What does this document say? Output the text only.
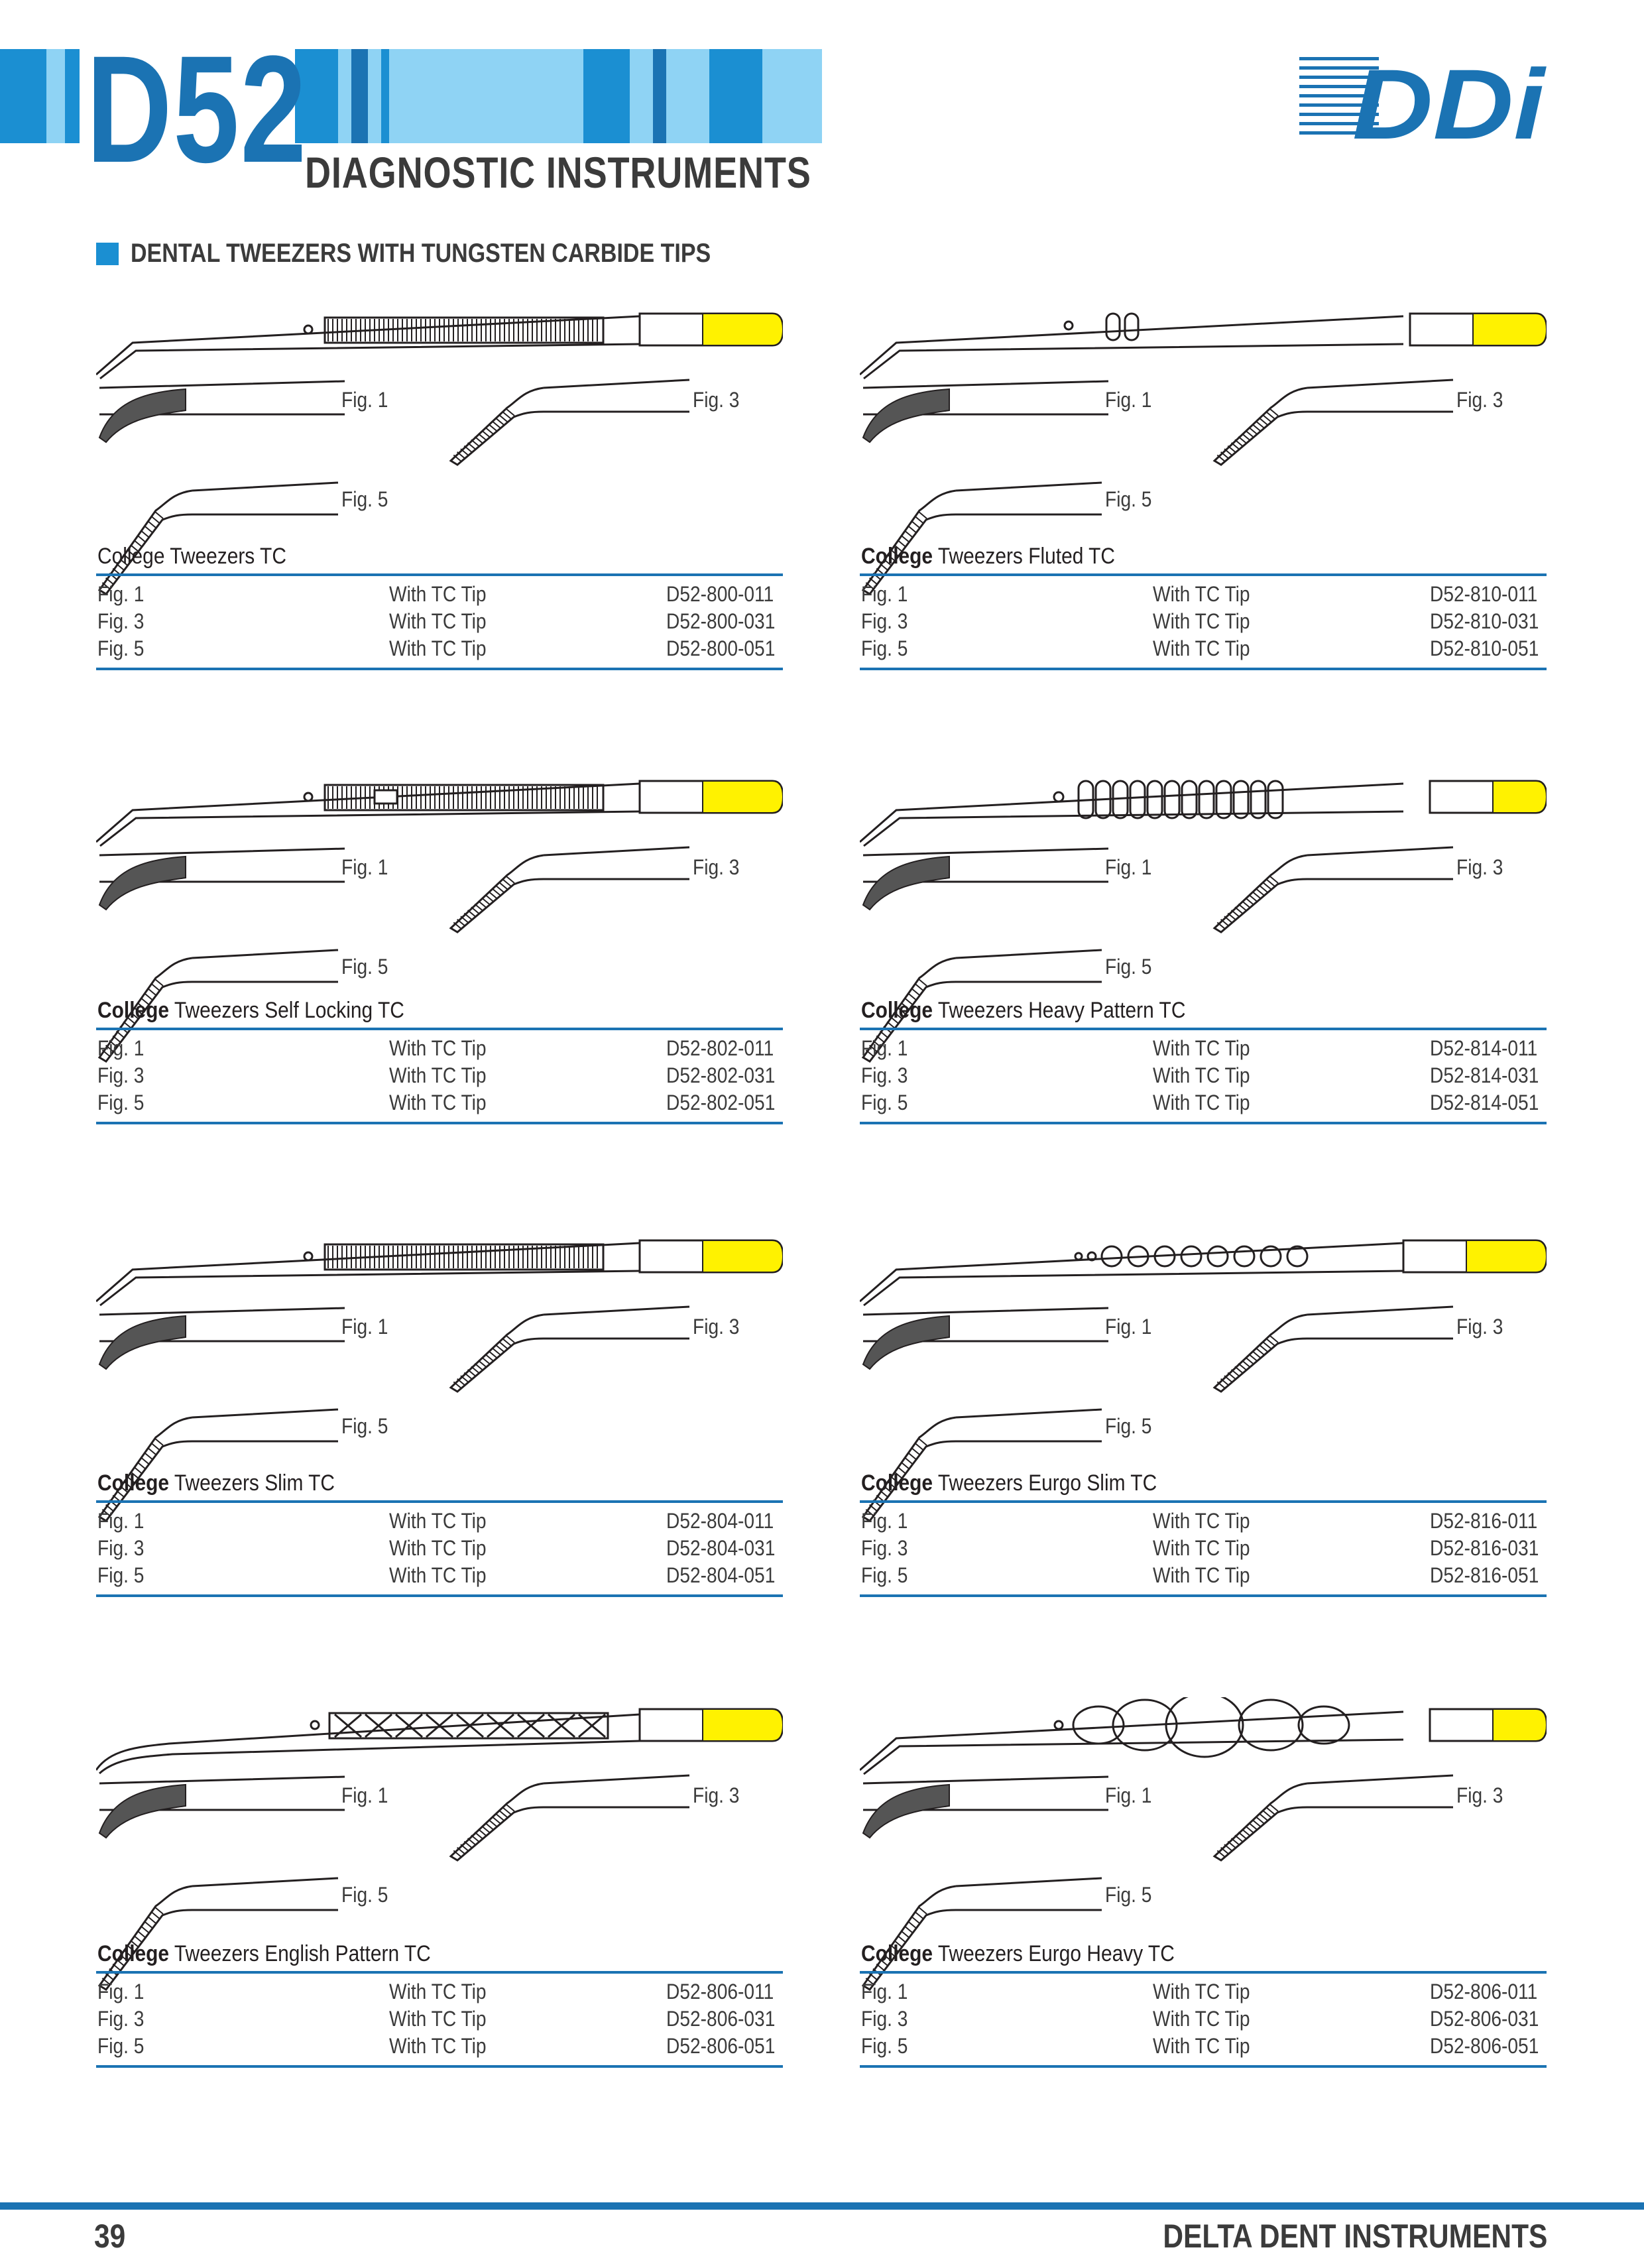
D52
DIAGNOSTIC INSTRUMENTS
DDi
DENTAL TWEEZERS WITH TUNGSTEN CARBIDE TIPS
Fig. 1	Fig. 3
Fig. 5
College Tweezers TC
Fig. 1	With TC Tip	D52-800-011
Fig. 3	With TC Tip	D52-800-031
Fig. 5	With TC Tip	D52-800-051
Fig. 1	Fig. 3
Fig. 5
College Tweezers Fluted TC
Fig. 1	With TC Tip	D52-810-011
Fig. 3	With TC Tip	D52-810-031
Fig. 5	With TC Tip	D52-810-051
Fig. 1	Fig. 3
Fig. 5
College Tweezers Self Locking TC
Fig. 1	With TC Tip	D52-802-011
Fig. 3	With TC Tip	D52-802-031
Fig. 5	With TC Tip	D52-802-051
Fig. 1	Fig. 3
Fig. 5
College Tweezers Heavy Pattern TC
Fig. 1	With TC Tip	D52-814-011
Fig. 3	With TC Tip	D52-814-031
Fig. 5	With TC Tip	D52-814-051
Fig. 1	Fig. 3
Fig. 5
College Tweezers Slim TC
Fig. 1	With TC Tip	D52-804-011
Fig. 3	With TC Tip	D52-804-031
Fig. 5	With TC Tip	D52-804-051
Fig. 1	Fig. 3
Fig. 5
College Tweezers Eurgo Slim TC
Fig. 1	With TC Tip	D52-816-011
Fig. 3	With TC Tip	D52-816-031
Fig. 5	With TC Tip	D52-816-051
Fig. 1	Fig. 3
Fig. 5
College Tweezers English Pattern TC
Fig. 1	With TC Tip	D52-806-011
Fig. 3	With TC Tip	D52-806-031
Fig. 5	With TC Tip	D52-806-051
Fig. 1	Fig. 3
Fig. 5
College Tweezers Eurgo Heavy TC
Fig. 1	With TC Tip	D52-806-011
Fig. 3	With TC Tip	D52-806-031
Fig. 5	With TC Tip	D52-806-051
39	DELTA DENT INSTRUMENTS
